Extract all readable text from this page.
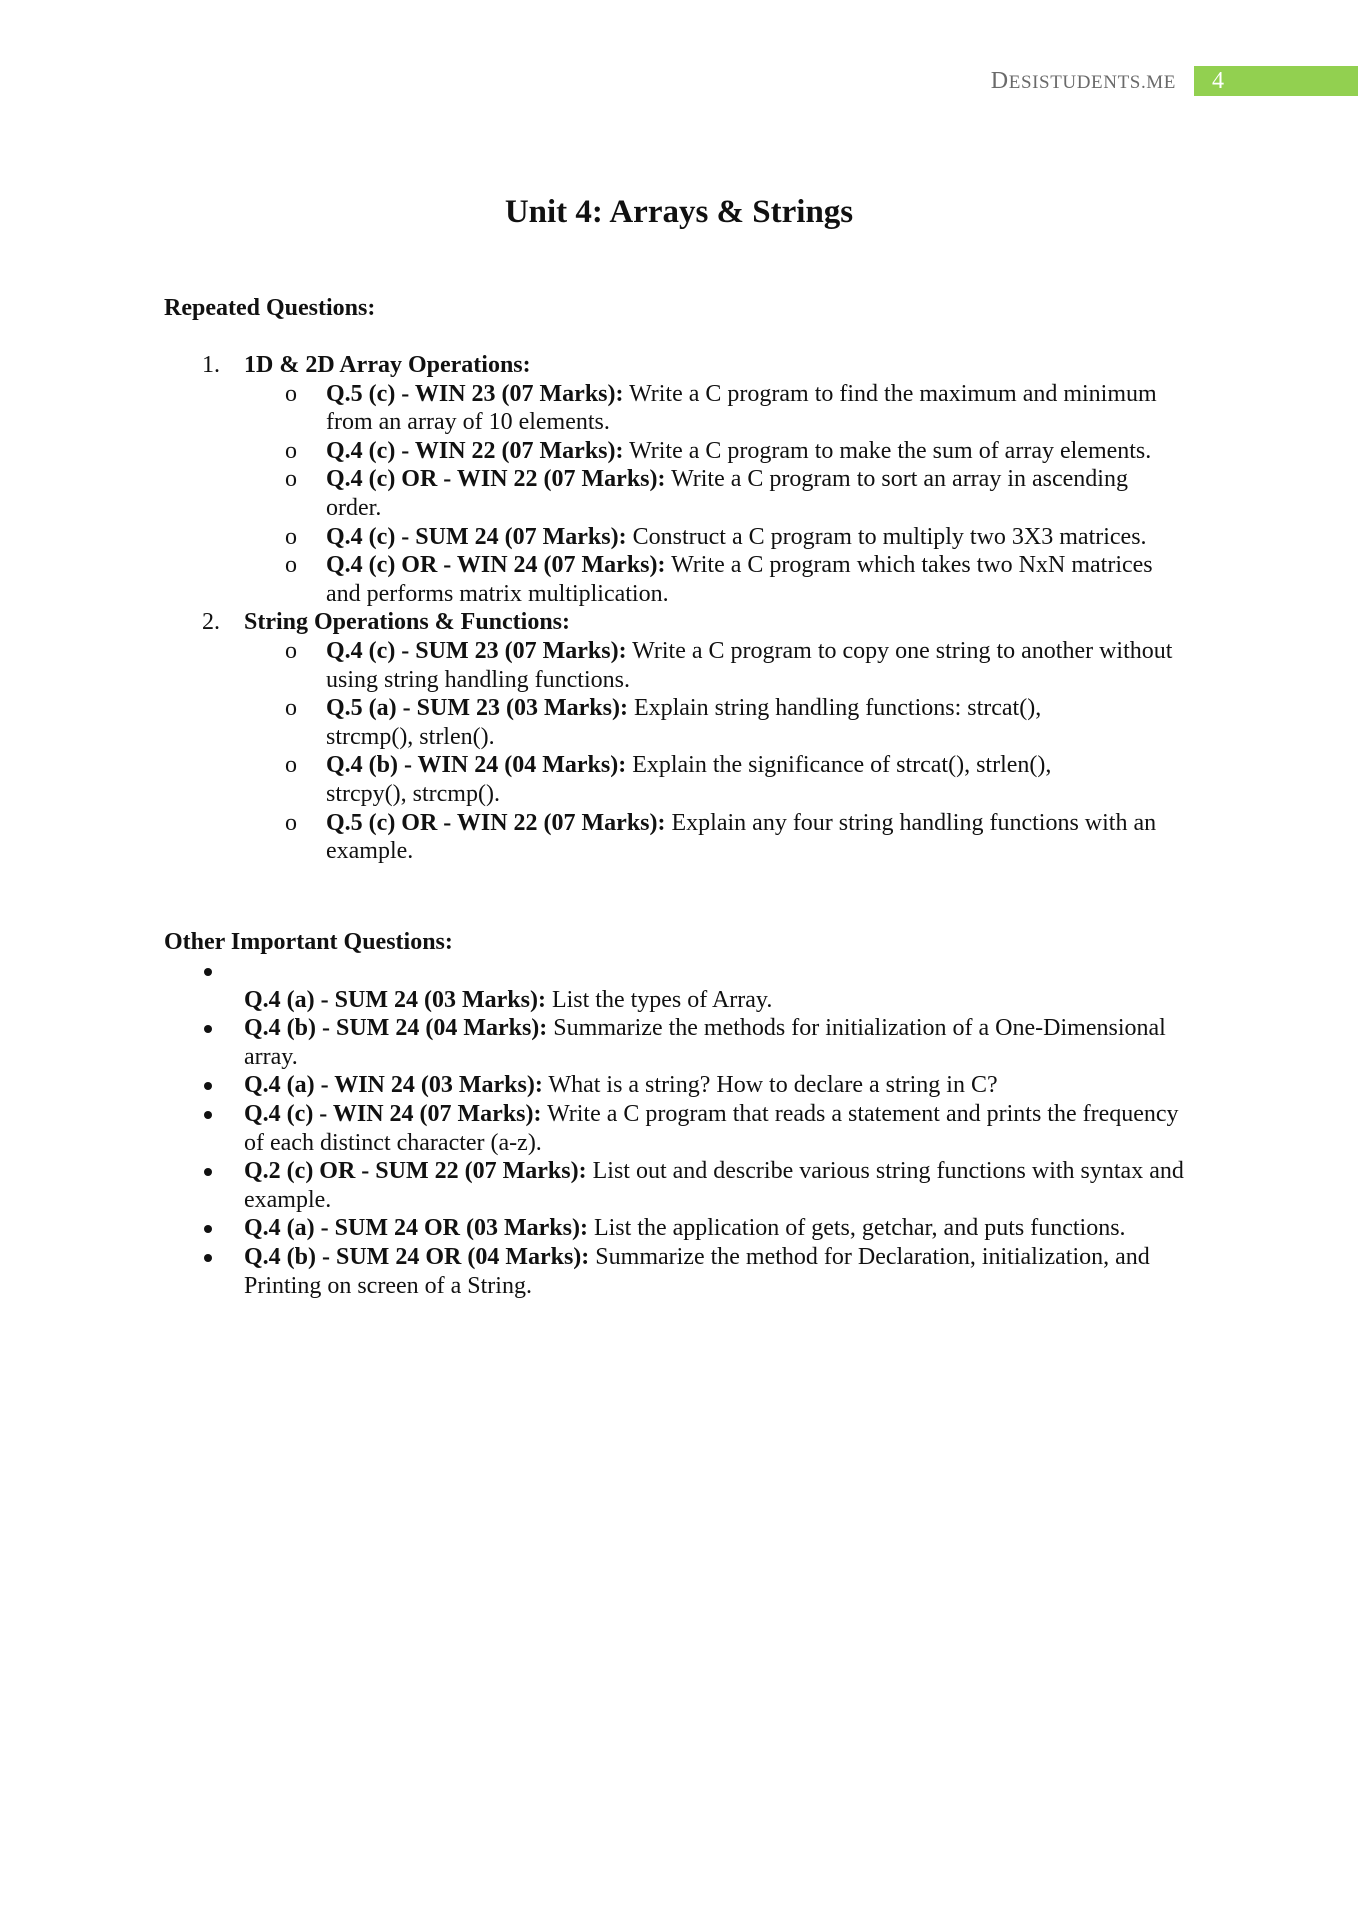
DESISTUDENTS.ME	4
Unit 4: Arrays & Strings
Repeated Questions:
1. 1D & 2D Array Operations:
o Q.5 (c) - WIN 23 (07 Marks): Write a C program to find the maximum and minimum from an array of 10 elements.
o Q.4 (c) - WIN 22 (07 Marks): Write a C program to make the sum of array elements.
o Q.4 (c) OR - WIN 22 (07 Marks): Write a C program to sort an array in ascending order.
o Q.4 (c) - SUM 24 (07 Marks): Construct a C program to multiply two 3X3 matrices.
o Q.4 (c) OR - WIN 24 (07 Marks): Write a C program which takes two NxN matrices and performs matrix multiplication.
2. String Operations & Functions:
o Q.4 (c) - SUM 23 (07 Marks): Write a C program to copy one string to another without using string handling functions.
o Q.5 (a) - SUM 23 (03 Marks): Explain string handling functions: strcat(), strcmp(), strlen().
o Q.4 (b) - WIN 24 (04 Marks): Explain the significance of strcat(), strlen(), strcpy(), strcmp().
o Q.5 (c) OR - WIN 22 (07 Marks): Explain any four string handling functions with an example.
Other Important Questions:

Q.4 (a) - SUM 24 (03 Marks): List the types of Array.
Q.4 (b) - SUM 24 (04 Marks): Summarize the methods for initialization of a One-Dimensional array.
Q.4 (a) - WIN 24 (03 Marks): What is a string? How to declare a string in C?
Q.4 (c) - WIN 24 (07 Marks): Write a C program that reads a statement and prints the frequency of each distinct character (a-z).
Q.2 (c) OR - SUM 22 (07 Marks): List out and describe various string functions with syntax and example.
Q.4 (a) - SUM 24 OR (03 Marks): List the application of gets, getchar, and puts functions.
Q.4 (b) - SUM 24 OR (04 Marks): Summarize the method for Declaration, initialization, and Printing on screen of a String.
